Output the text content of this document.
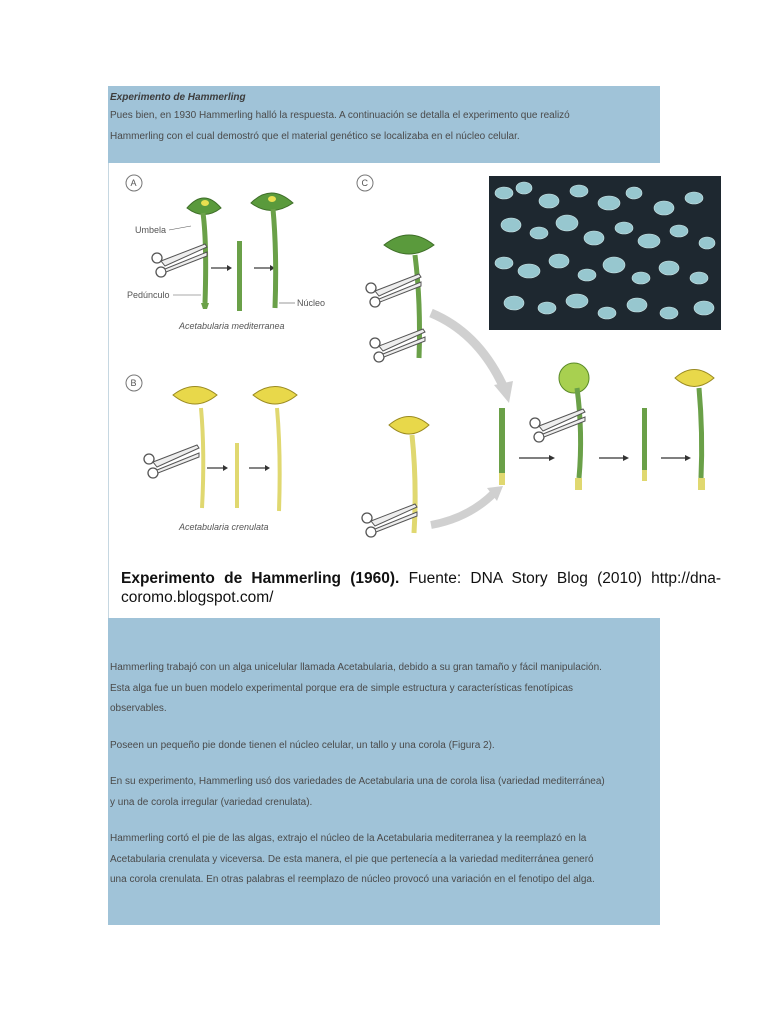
Experimento de Hammerling

Pues bien, en 1930 Hammerling halló la respuesta. A continuación se detalla el experimento que realizó

Hammerling con el cual demostró que el material genético se localizaba en el núcleo celular.

A
Umbela
Pedúnculo
Núcleo
Acetabularia mediterranea
B
Acetabularia crenulata
C
Experimento de Hammerling (1960). Fuente: DNA Story Blog (2010) http://dna-coromo.blogspot.com/

Hammerling trabajó con un alga unicelular llamada Acetabularia, debido a su gran tamaño y fácil manipulación.

Esta alga fue un buen modelo experimental porque era de simple estructura y características fenotípicas

observables.

Poseen un pequeño pie donde tienen el núcleo celular, un tallo y una corola (Figura 2).

En su experimento, Hammerling usó dos variedades de Acetabularia una de corola lisa (variedad mediterránea)

y una de corola irregular (variedad crenulata).

Hammerling cortó el pie de las algas, extrajo el núcleo de la Acetabularia mediterranea y la reemplazó en la

Acetabularia crenulata y viceversa. De esta manera, el pie que pertenecía a la variedad mediterránea generó

una corola crenulata. En otras palabras el reemplazo de núcleo provocó una variación en el fenotipo del alga.
